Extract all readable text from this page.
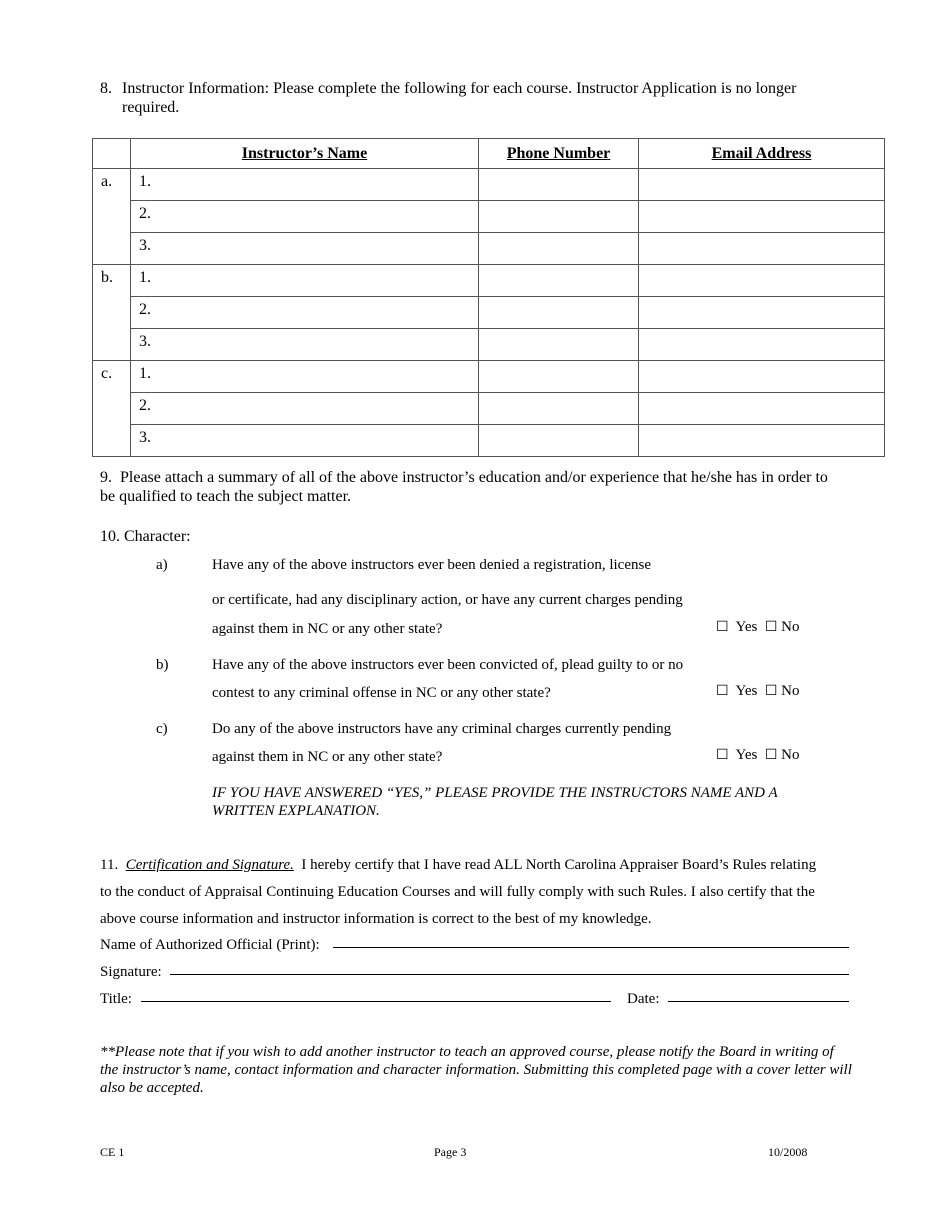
8. Instructor Information: Please complete the following for each course. Instructor Application is no longer required.
	Instructor’s Name	Phone Number	Email Address
a.	1.		
	2.		
	3.		
b.	1.		
	2.		
	3.		
c.	1.		
	2.		
	3.		
9. Please attach a summary of all of the above instructor’s education and/or experience that he/she has in order to be qualified to teach the subject matter.
10. Character:
a)	Have any of the above instructors ever been denied a registration, license
or certificate, had any disciplinary action, or have any current charges pending
against them in NC or any other state?	☐ Yes ☐ No
b)	Have any of the above instructors ever been convicted of, plead guilty to or no
contest to any criminal offense in NC or any other state?	☐ Yes ☐ No
c)	Do any of the above instructors have any criminal charges currently pending
against them in NC or any other state?	☐ Yes ☐ No
IF YOU HAVE ANSWERED “YES,” PLEASE PROVIDE THE INSTRUCTORS NAME AND A WRITTEN EXPLANATION.
11. Certification and Signature. I hereby certify that I have read ALL North Carolina Appraiser Board’s Rules relating
to the conduct of Appraisal Continuing Education Courses and will fully comply with such Rules. I also certify that the
above course information and instructor information is correct to the best of my knowledge.
Name of Authorized Official (Print):
Signature:
Title:	Date:
**Please note that if you wish to add another instructor to teach an approved course, please notify the Board in writing of the instructor’s name, contact information and character information. Submitting this completed page with a cover letter will also be accepted.
CE 1	Page 3	10/2008
